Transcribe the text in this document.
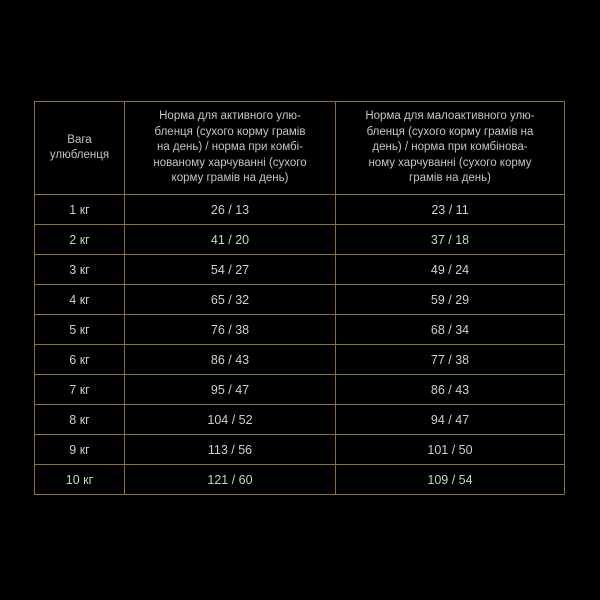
Вага
улюбленця	Норма для активного улю-
бленця (сухого корму грамів
на день) / норма при комбі-
нованому харчуванні (сухого
корму грамів на день)	Норма для малоактивного улю-
бленця (сухого корму грамів на
день) / норма при комбінова-
ному харчуванні (сухого корму
грамів на день)

1 кг	26 / 13	23 / 11
2 кг	41 / 20	37 / 18
3 кг	54 / 27	49 / 24
4 кг	65 / 32	59 / 29
5 кг	76 / 38	68 / 34
6 кг	86 / 43	77 / 38
7 кг	95 / 47	86 / 43
8 кг	104 / 52	94 / 47
9 кг	113 / 56	101 / 50
10 кг	121 / 60	109 / 54
